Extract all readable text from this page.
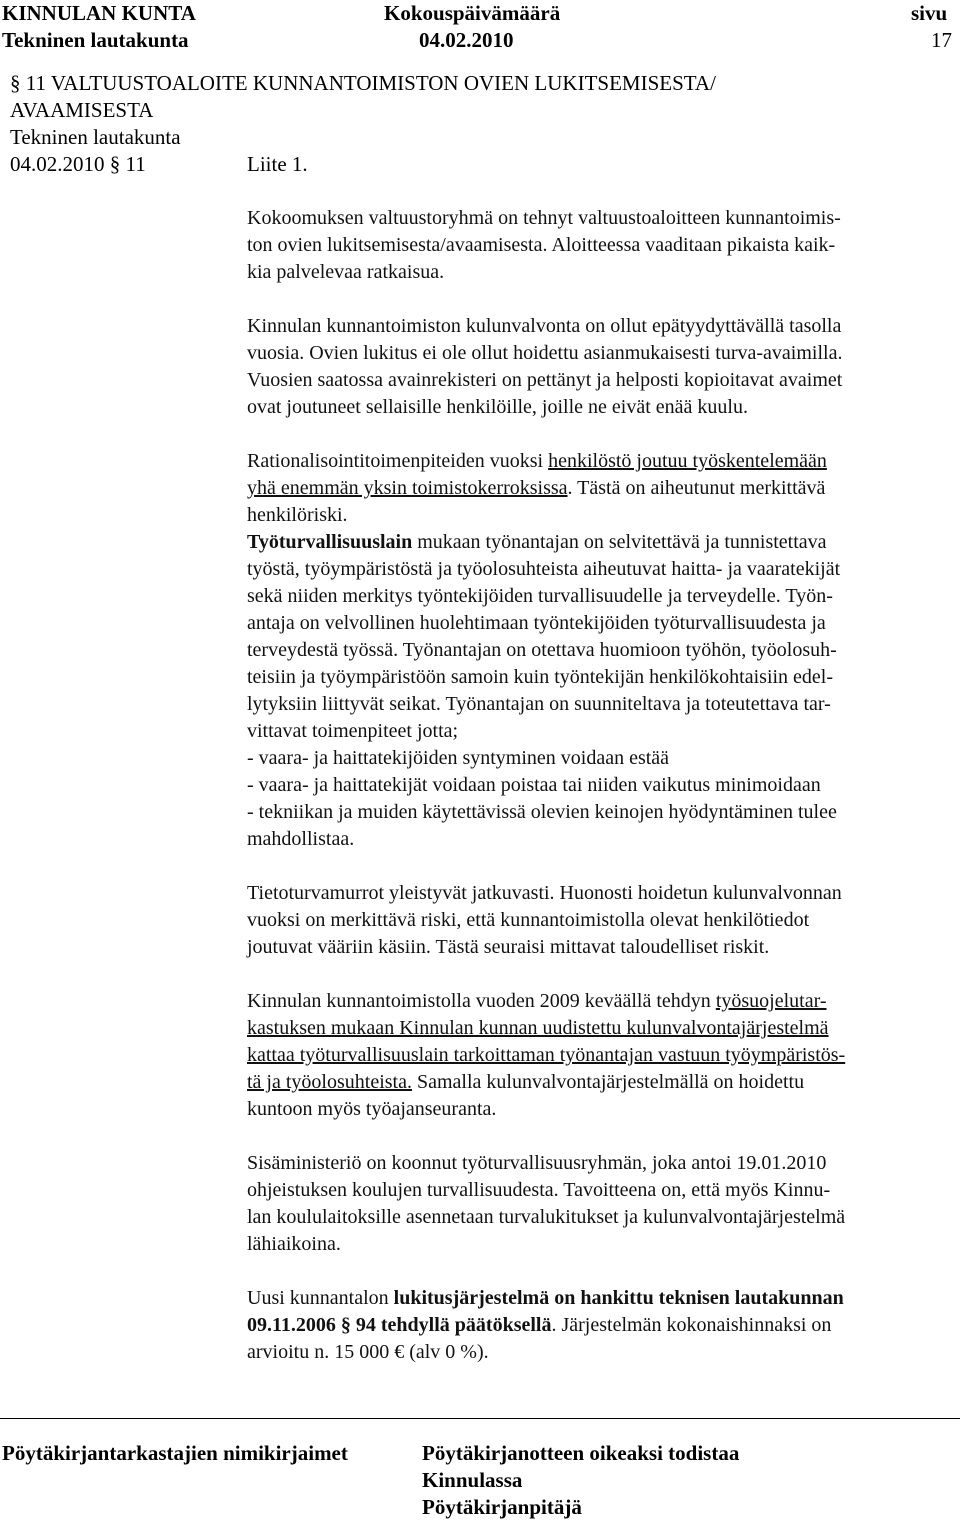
KINNULAN KUNTA
Tekninen lautakunta
Kokouspäivämäärä
04.02.2010
sivu
17
§ 11 VALTUUSTOALOITE KUNNANTOIMISTON OVIEN LUKITSEMISESTA/
AVAAMISESTA
Tekninen lautakunta
04.02.2010 § 11	Liite 1.
Kokoomuksen valtuustoryhmä on tehnyt valtuustoaloitteen kunnantoimis-
ton ovien lukitsemisesta/avaamisesta. Aloitteessa vaaditaan pikaista kaik-
kia palvelevaa ratkaisua.
Kinnulan kunnantoimiston kulunvalvonta on ollut epätyydyttävällä tasolla
vuosia. Ovien lukitus ei ole ollut hoidettu asianmukaisesti turva-avaimilla.
Vuosien saatossa avainrekisteri on pettänyt ja helposti kopioitavat avaimet
ovat joutuneet sellaisille henkilöille, joille ne eivät enää kuulu.
Rationalisointitoimenpiteiden vuoksi henkilöstö joutuu työskentelemään
yhä enemmän yksin toimistokerroksissa. Tästä on aiheutunut merkittävä
henkilöriski.
Työturvallisuuslain mukaan työnantajan on selvitettävä ja tunnistettava
työstä, työympäristöstä ja työolosuhteista aiheutuvat haitta- ja vaaratekijät
sekä niiden merkitys työntekijöiden turvallisuudelle ja terveydelle. Työn-
antaja on velvollinen huolehtimaan työntekijöiden työturvallisuudesta ja
terveydestä työssä. Työnantajan on otettava huomioon työhön, työolosuh-
teisiin ja työympäristöön samoin kuin työntekijän henkilökohtaisiin edel-
lytyksiin liittyvät seikat. Työnantajan on suunniteltava ja toteutettava tar-
vittavat toimenpiteet jotta;
- vaara- ja haittatekijöiden syntyminen voidaan estää
- vaara- ja haittatekijät voidaan poistaa tai niiden vaikutus minimoidaan
- tekniikan ja muiden käytettävissä olevien keinojen hyödyntäminen tulee
mahdollistaa.
Tietoturvamurrot yleistyvät jatkuvasti. Huonosti hoidetun kulunvalvonnan
vuoksi on merkittävä riski, että kunnantoimistolla olevat henkilötiedot
joutuvat vääriin käsiin. Tästä seuraisi mittavat taloudelliset riskit.
Kinnulan kunnantoimistolla vuoden 2009 keväällä tehdyn työsuojelutar-
kastuksen mukaan Kinnulan kunnan uudistettu kulunvalvontajärjestelmä
kattaa työturvallisuuslain tarkoittaman työnantajan vastuun työympäristös-
tä ja työolosuhteista. Samalla kulunvalvontajärjestelmällä on hoidettu
kuntoon myös työajanseuranta.
Sisäministeriö on koonnut työturvallisuusryhmän, joka antoi 19.01.2010
ohjeistuksen koulujen turvallisuudesta. Tavoitteena on, että myös Kinnu-
lan koululaitoksille asennetaan turvalukitukset ja kulunvalvontajärjestelmä
lähiaikoina.
Uusi kunnantalon lukitusjärjestelmä on hankittu teknisen lautakunnan
09.11.2006 § 94 tehdyllä päätöksellä. Järjestelmän kokonaishinnaksi on
arvioitu n. 15 000 € (alv 0 %).
Pöytäkirjantarkastajien nimikirjaimet	Pöytäkirjanotteen oikeaksi todistaa
Kinnulassa
Pöytäkirjanpitäjä
